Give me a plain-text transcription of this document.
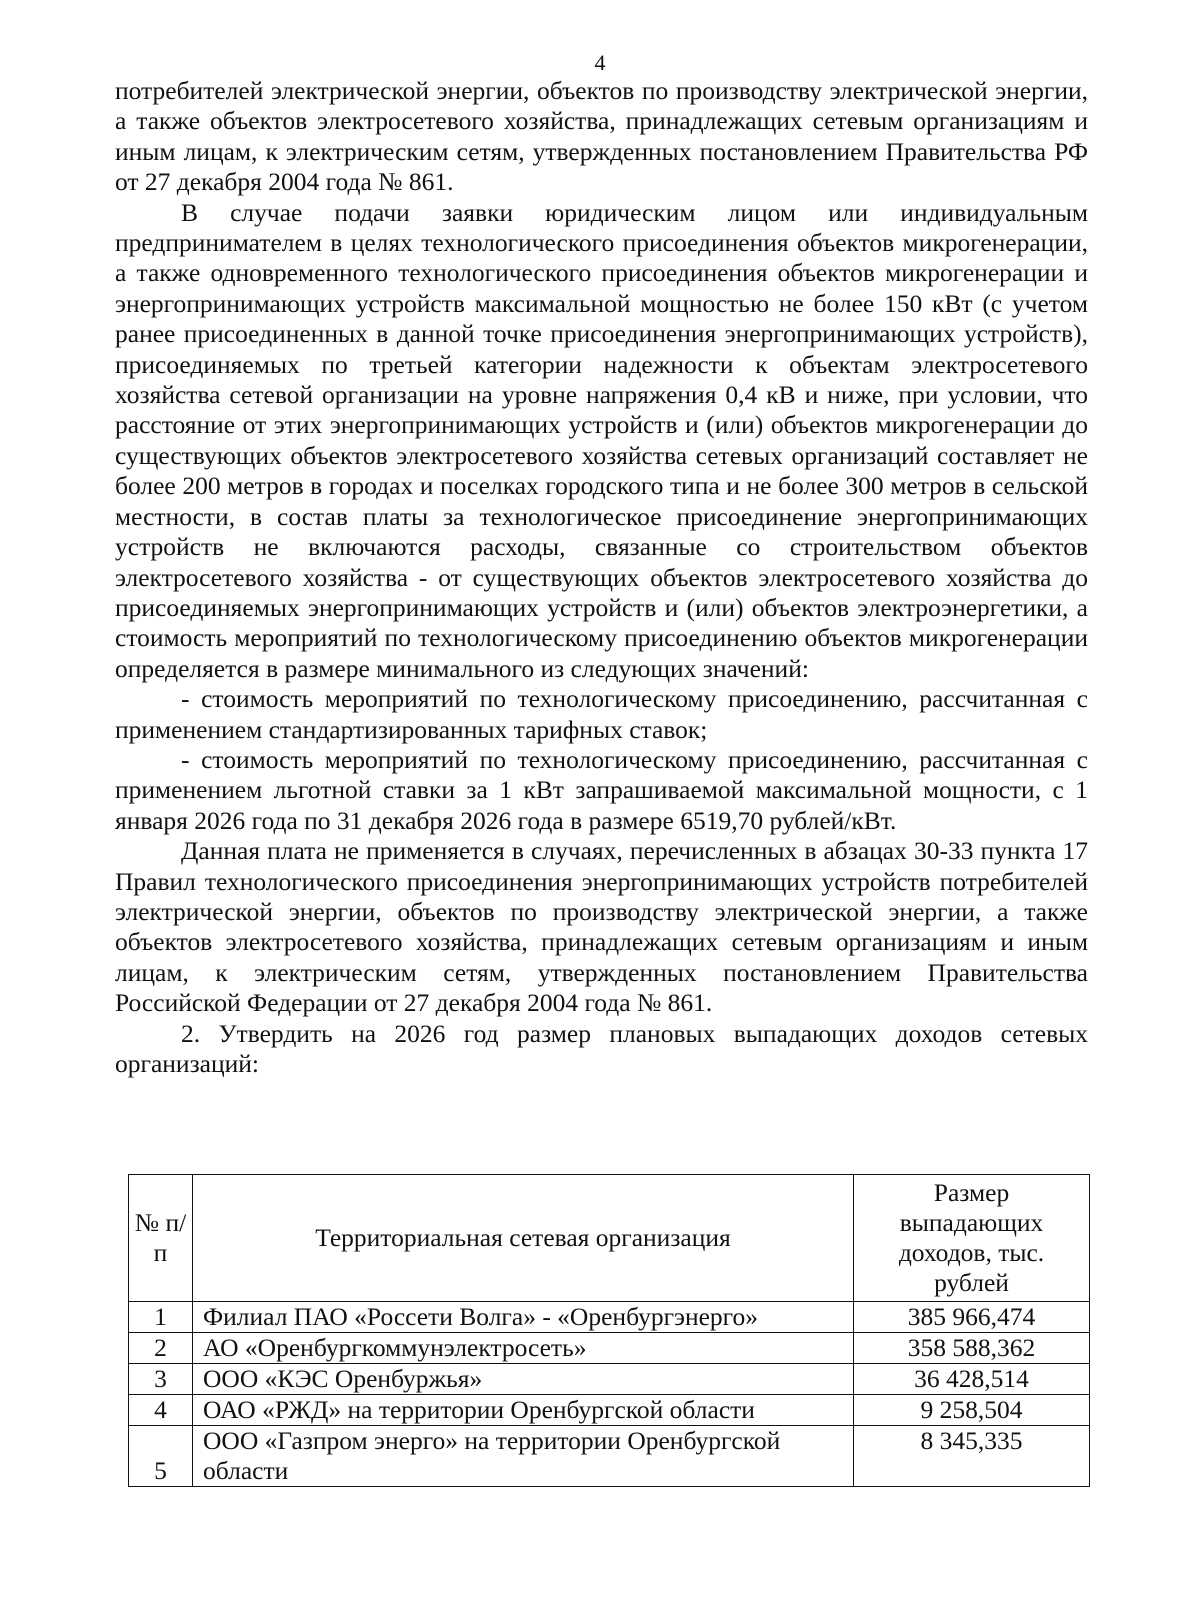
4

потребителей электрической энергии, объектов по производству электрической энергии, а также объектов электросетевого хозяйства, принадлежащих сетевым организациям и иным лицам, к электрическим сетям, утвержденных постановлением Правительства РФ от 27 декабря 2004 года № 861.

В случае подачи заявки юридическим лицом или индивидуальным предпринимателем в целях технологического присоединения объектов микрогенерации, а также одновременного технологического присоединения объектов микрогенерации и энергопринимающих устройств максимальной мощностью не более 150 кВт (с учетом ранее присоединенных в данной точке присоединения энергопринимающих устройств), присоединяемых по третьей категории надежности к объектам электросетевого хозяйства сетевой организации на уровне напряжения 0,4 кВ и ниже, при условии, что расстояние от этих энергопринимающих устройств и (или) объектов микрогенерации до существующих объектов электросетевого хозяйства сетевых организаций составляет не более 200 метров в городах и поселках городского типа и не более 300 метров в сельской местности, в состав платы за технологическое присоединение энергопринимающих устройств не включаются расходы, связанные со строительством объектов электросетевого хозяйства - от существующих объектов электросетевого хозяйства до присоединяемых энергопринимающих устройств и (или) объектов электроэнергетики, а стоимость мероприятий по технологическому присоединению объектов микрогенерации определяется в размере минимального из следующих значений:

- стоимость мероприятий по технологическому присоединению, рассчитанная с применением стандартизированных тарифных ставок;

- стоимость мероприятий по технологическому присоединению, рассчитанная с применением льготной ставки за 1 кВт запрашиваемой максимальной мощности, с 1 января 2026 года по 31 декабря 2026 года в размере 6519,70 рублей/кВт.

Данная плата не применяется в случаях, перечисленных в абзацах 30-33 пункта 17 Правил технологического присоединения энергопринимающих устройств потребителей электрической энергии, объектов по производству электрической энергии, а также объектов электросетевого хозяйства, принадлежащих сетевым организациям и иным лицам, к электрическим сетям, утвержденных постановлением Правительства Российской Федерации от 27 декабря 2004 года № 861.

2. Утвердить на 2026 год размер плановых выпадающих доходов сетевых организаций:

№ п/п	Территориальная сетевая организация	Размер выпадающих доходов, тыс. рублей
1	Филиал ПАО «Россети Волга» - «Оренбургэнерго»	385 966,474
2	АО «Оренбургкоммунэлектросеть»	358 588,362
3	ООО «КЭС Оренбуржья»	36 428,514
4	ОАО «РЖД» на территории Оренбургской области	9 258,504
5	ООО «Газпром энерго» на территории Оренбургской области	8 345,335
